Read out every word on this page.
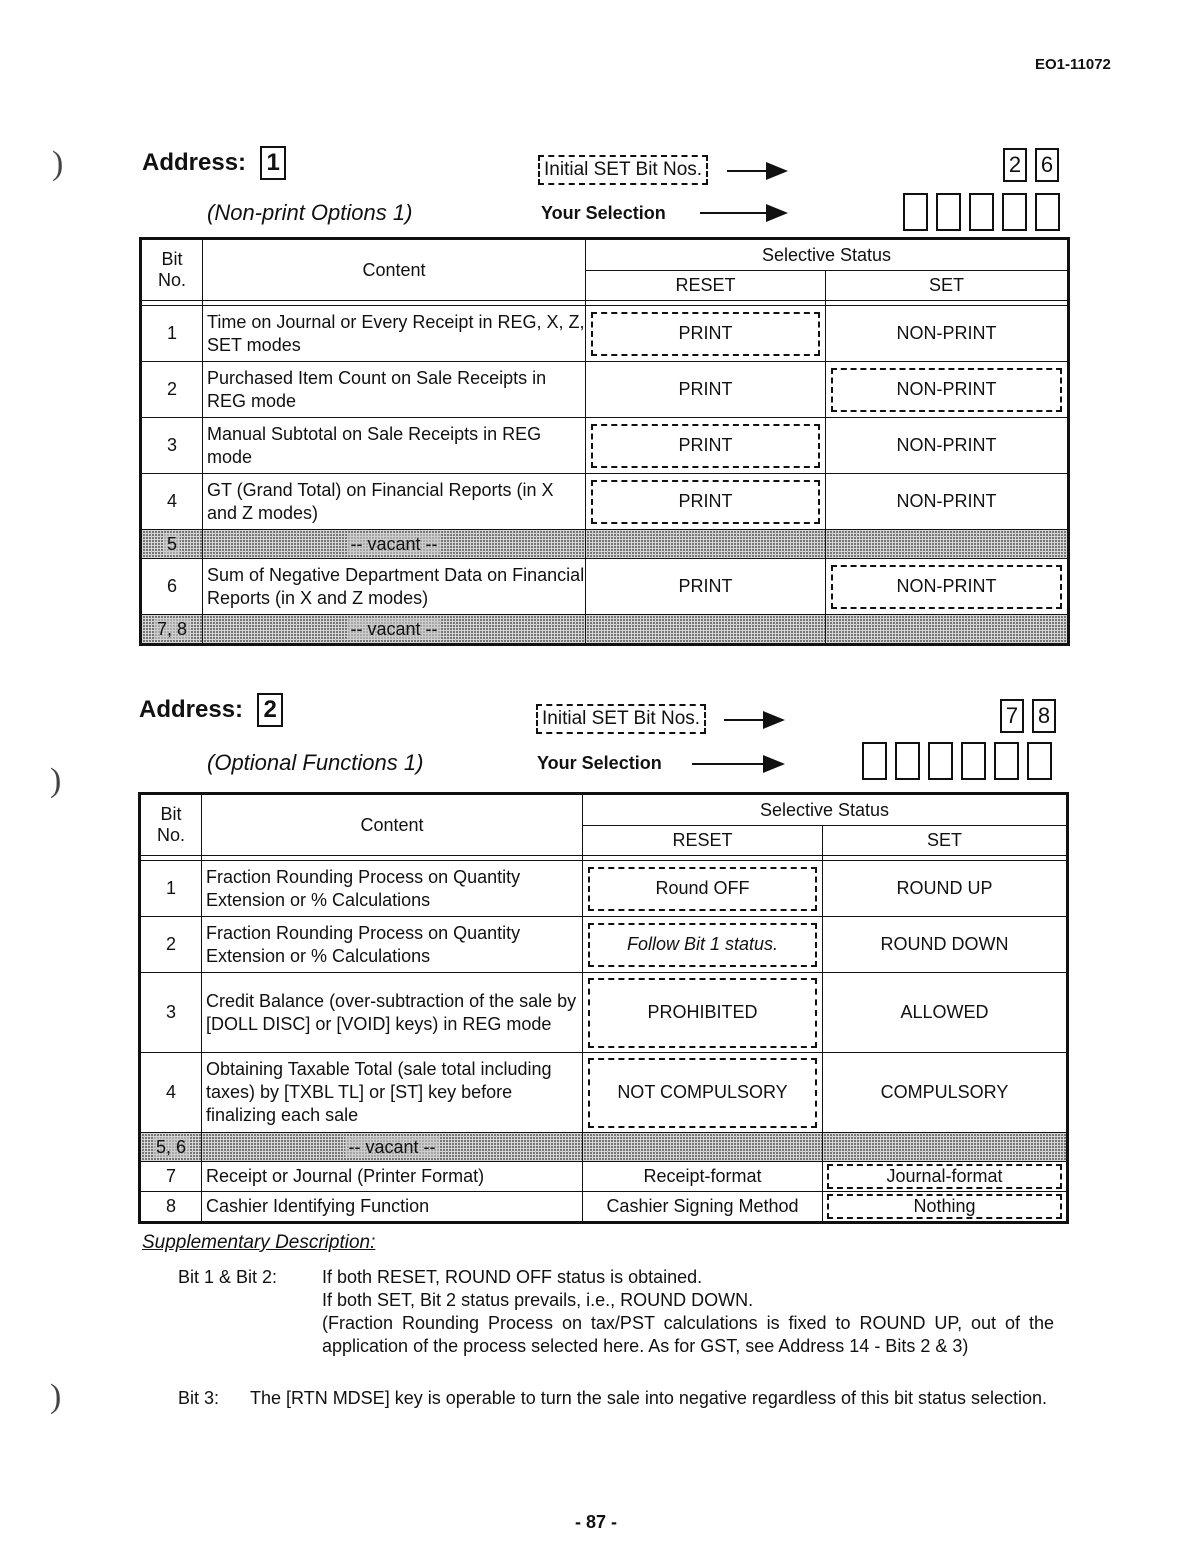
EO1-11072
)
)
)
Address: 1
(Non-print Options 1)
Initial SET Bit Nos.
Your Selection
2 6
Bit
No.	Content	Selective Status	
		RESET	SET

1	Time on Journal or Every Receipt in REG, X, Z, SET modes	PRINT	NON-PRINT

2	Purchased Item Count on Sale Receipts in REG mode	PRINT	NON-PRINT

3	Manual Subtotal on Sale Receipts in REG mode	PRINT	NON-PRINT

4	GT (Grand Total) on Financial Reports (in X and Z modes)	PRINT	NON-PRINT

5	-- vacant --		
6	Sum of Negative Department Data on Financial Reports (in X and Z modes)	PRINT	NON-PRINT

7, 8	-- vacant --		
Address: 2
(Optional Functions 1)
Initial SET Bit Nos.
Your Selection
7 8
Bit
No.	Content	Selective Status	
		RESET	SET

1	Fraction Rounding Process on Quantity Extension or % Calculations	Round OFF	ROUND UP

2	Fraction Rounding Process on Quantity Extension or % Calculations	Follow Bit 1 status.	ROUND DOWN

3	Credit Balance (over-subtraction of the sale by [DOLL DISC] or [VOID] keys) in REG mode	PROHIBITED	ALLOWED

4	Obtaining Taxable Total (sale total including taxes) by [TXBL TL] or [ST] key before finalizing each sale	NOT COMPULSORY	COMPULSORY

5, 6	-- vacant --		
7	Receipt or Journal (Printer Format)	Receipt-format	Journal-format

8	Cashier Identifying Function	Cashier Signing Method	Nothing
Supplementary Description:
Bit 1 & Bit 2: If both RESET, ROUND OFF status is obtained.
If both SET, Bit 2 status prevails, i.e., ROUND DOWN.
(Fraction Rounding Process on tax/PST calculations is fixed to ROUND UP, out of the application of the process selected here. As for GST, see Address 14 - Bits 2 & 3)
Bit 3: The [RTN MDSE] key is operable to turn the sale into negative regardless of this bit status selection.
- 87 -
